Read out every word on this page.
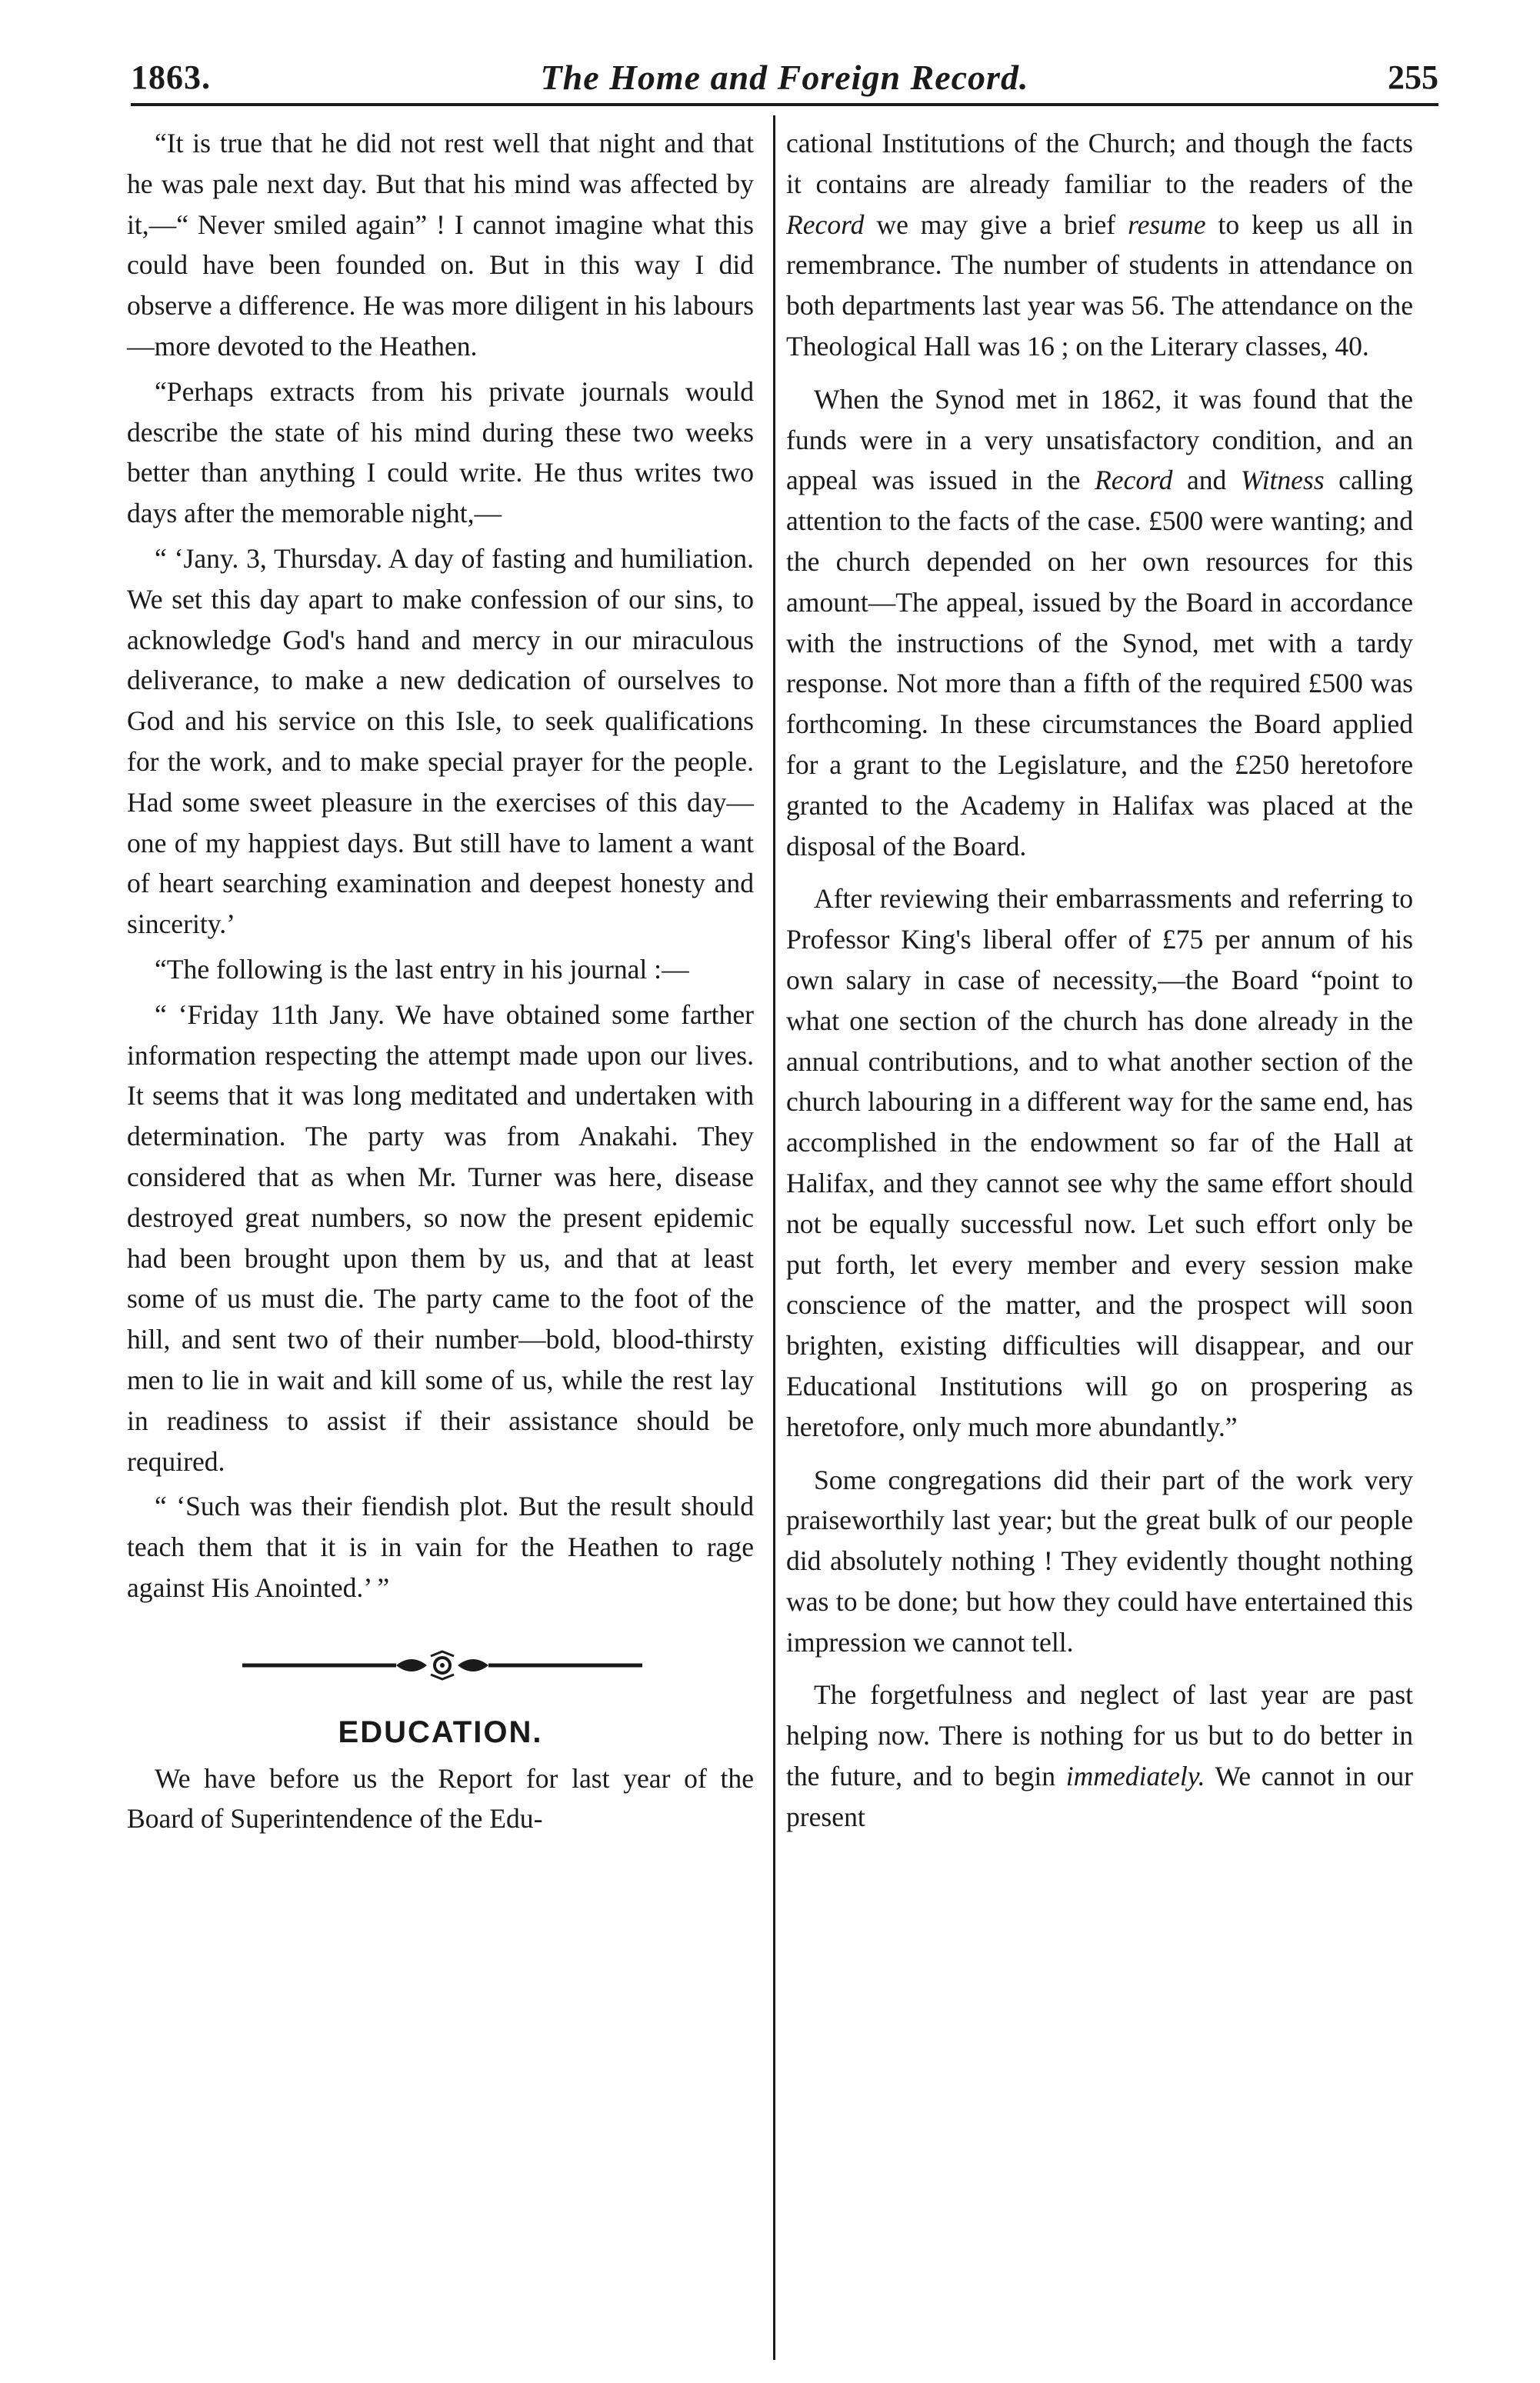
1863.	The Home and Foreign Record.	255

“It is true that he did not rest well that night and that he was pale next day. But that his mind was affected by it,—“ Never smiled again” ! I cannot imagine what this could have been founded on. But in this way I did observe a difference. He was more diligent in his labours—more devoted to the Heathen.

“Perhaps extracts from his private journals would describe the state of his mind during these two weeks better than anything I could write. He thus writes two days after the memorable night,—

“ ‘Jany. 3, Thursday. A day of fasting and humiliation. We set this day apart to make confession of our sins, to acknowledge God's hand and mercy in our miraculous deliverance, to make a new dedication of ourselves to God and his service on this Isle, to seek qualifications for the work, and to make special prayer for the people. Had some sweet pleasure in the exercises of this day—one of my happiest days. But still have to lament a want of heart searching examination and deepest honesty and sincerity.’

“The following is the last entry in his journal :—

“ ‘Friday 11th Jany. We have obtained some farther information respecting the attempt made upon our lives. It seems that it was long meditated and undertaken with determination. The party was from Anakahi. They considered that as when Mr. Turner was here, disease destroyed great numbers, so now the present epidemic had been brought upon them by us, and that at least some of us must die. The party came to the foot of the hill, and sent two of their number—bold, blood-thirsty men to lie in wait and kill some of us, while the rest lay in readiness to assist if their assistance should be required.

“ ‘Such was their fiendish plot. But the result should teach them that it is in vain for the Heathen to rage against His Anointed.’ ”

EDUCATION.

We have before us the Report for last year of the Board of Superintendence of the Edu-

cational Institutions of the Church; and though the facts it contains are already familiar to the readers of the Record we may give a brief resume to keep us all in remembrance. The number of students in attendance on both departments last year was 56. The attendance on the Theological Hall was 16 ; on the Literary classes, 40.

When the Synod met in 1862, it was found that the funds were in a very unsatisfactory condition, and an appeal was issued in the Record and Witness calling attention to the facts of the case. £500 were wanting; and the church depended on her own resources for this amount—The appeal, issued by the Board in accordance with the instructions of the Synod, met with a tardy response. Not more than a fifth of the required £500 was forthcoming. In these circumstances the Board applied for a grant to the Legislature, and the £250 heretofore granted to the Academy in Halifax was placed at the disposal of the Board.

After reviewing their embarrassments and referring to Professor King's liberal offer of £75 per annum of his own salary in case of necessity,—the Board “point to what one section of the church has done already in the annual contributions, and to what another section of the church labouring in a different way for the same end, has accomplished in the endowment so far of the Hall at Halifax, and they cannot see why the same effort should not be equally successful now. Let such effort only be put forth, let every member and every session make conscience of the matter, and the prospect will soon brighten, existing difficulties will disappear, and our Educational Institutions will go on prospering as heretofore, only much more abundantly.”

Some congregations did their part of the work very praiseworthily last year; but the great bulk of our people did absolutely nothing ! They evidently thought nothing was to be done; but how they could have entertained this impression we cannot tell.

The forgetfulness and neglect of last year are past helping now. There is nothing for us but to do better in the future, and to begin immediately. We cannot in our present
